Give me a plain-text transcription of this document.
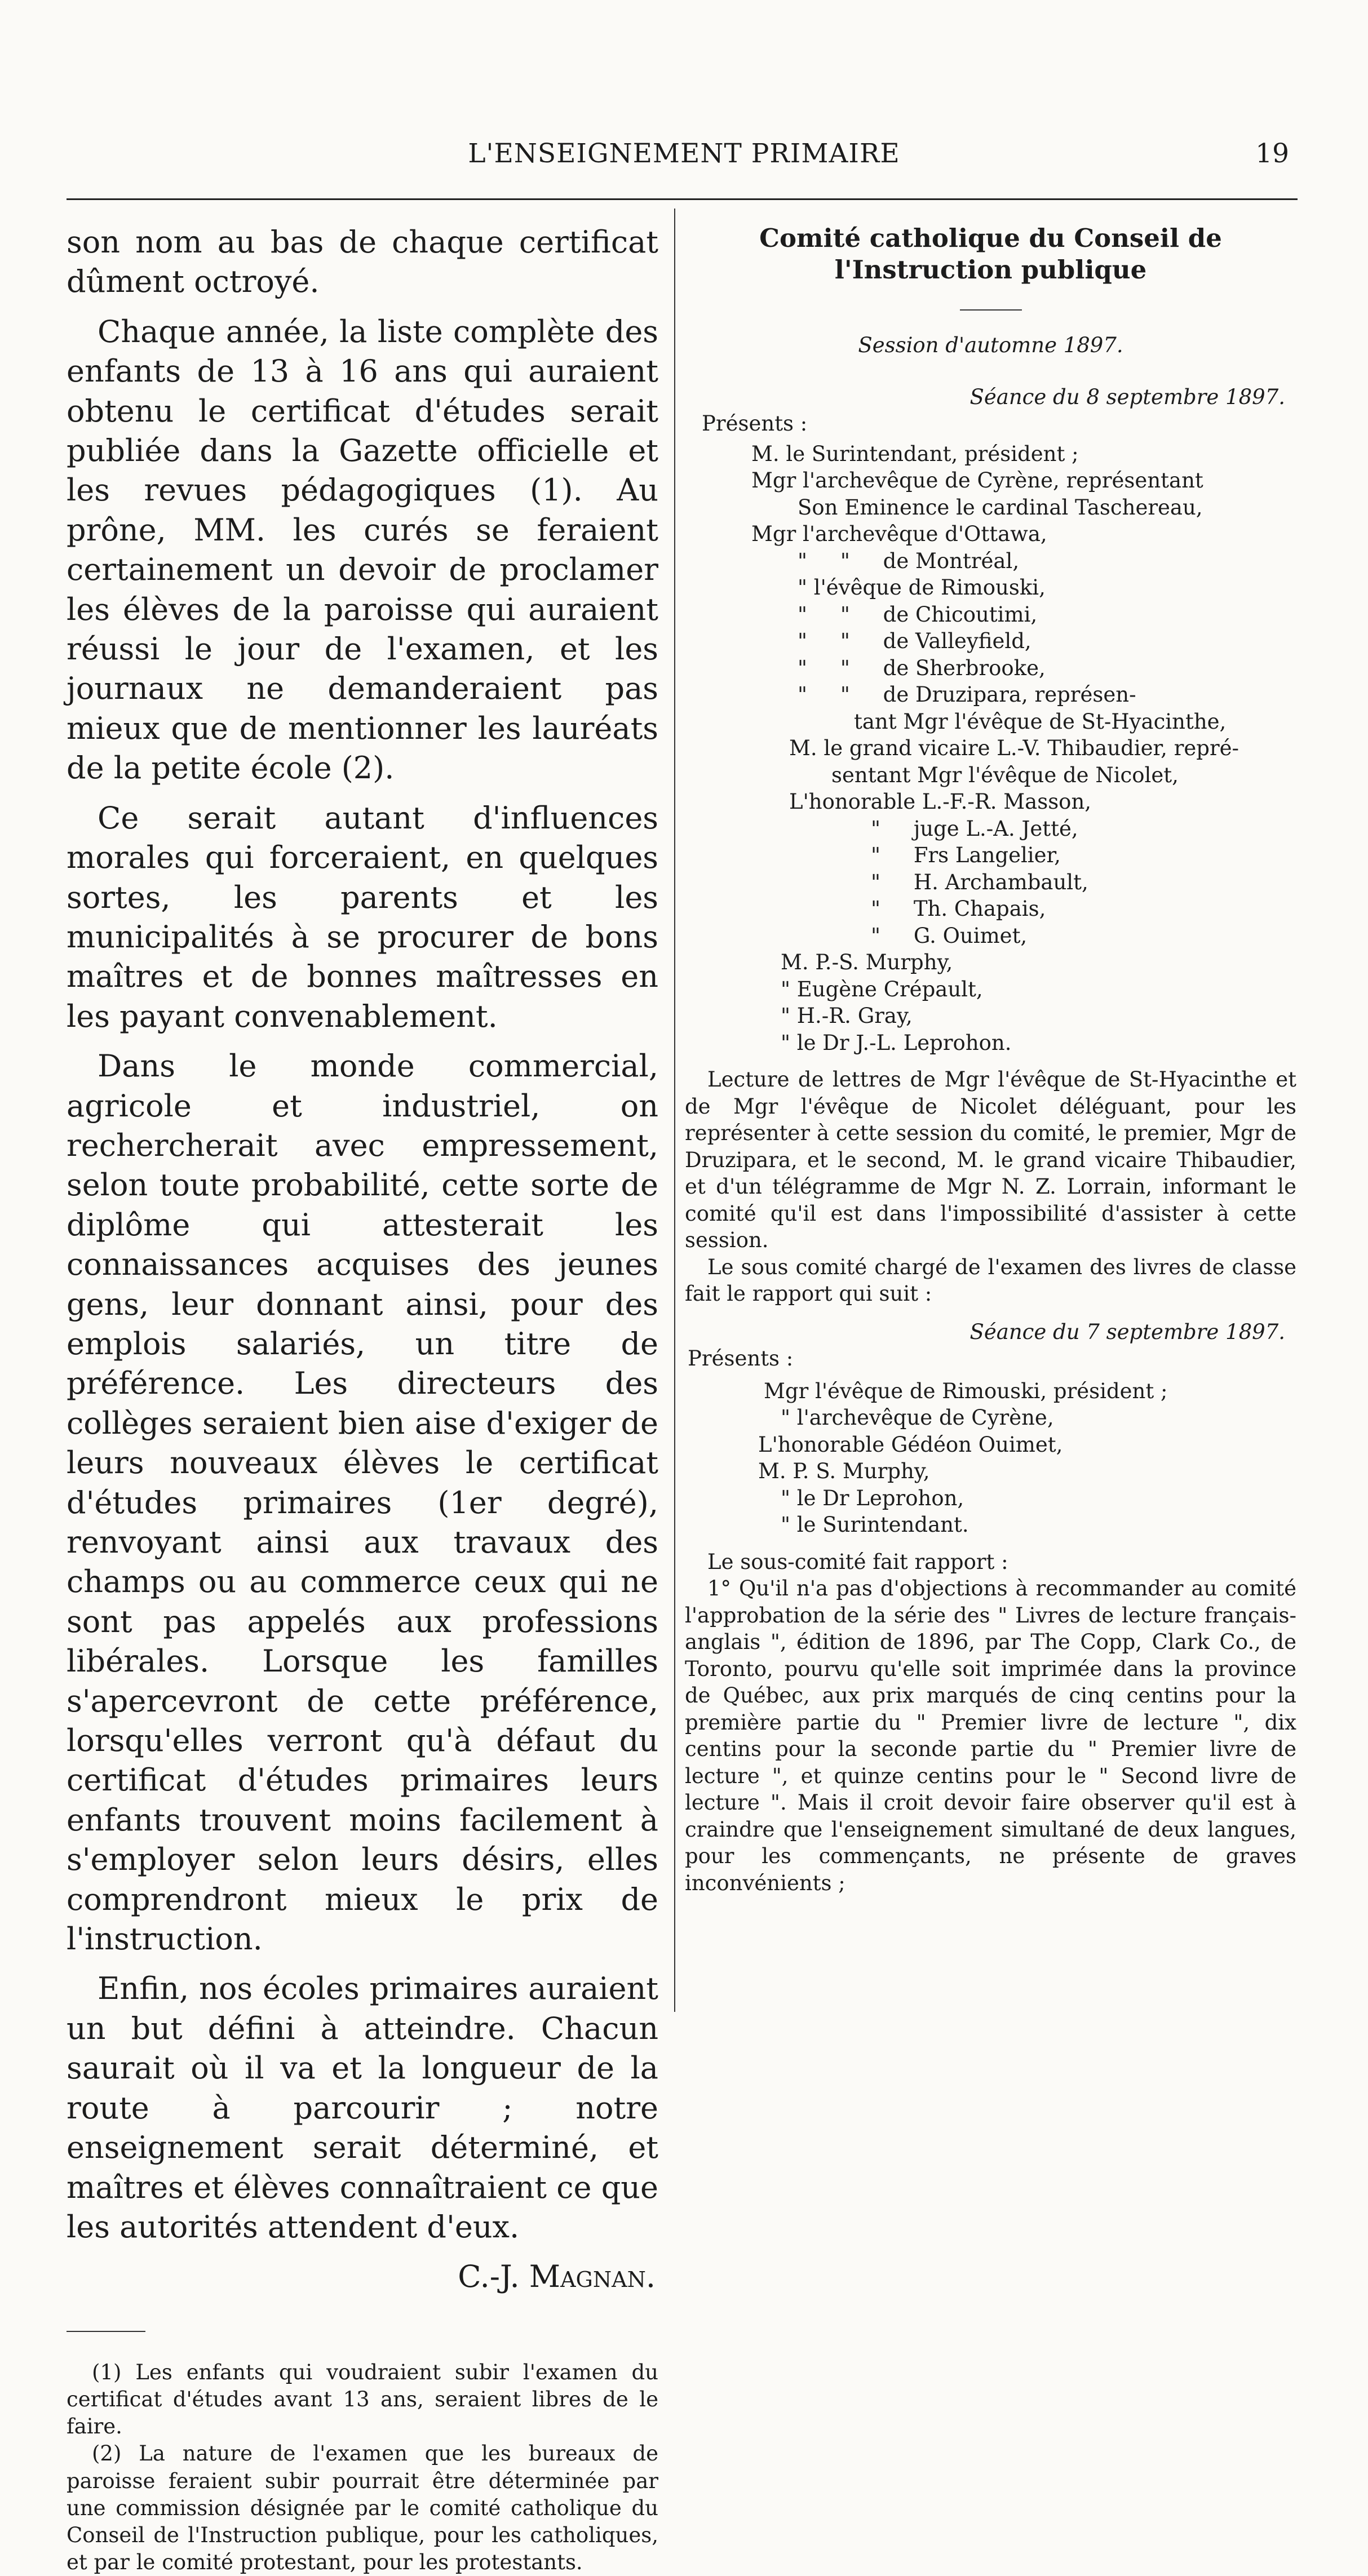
L'ENSEIGNEMENT PRIMAIRE	19

son nom au bas de chaque certificat dûment octroyé.

Chaque année, la liste complète des enfants de 13 à 16 ans qui auraient obtenu le certificat d'études serait publiée dans la Gazette officielle et les revues pédagogiques (1). Au prône, MM. les curés se feraient certainement un devoir de proclamer les élèves de la paroisse qui auraient réussi le jour de l'examen, et les journaux ne demanderaient pas mieux que de mentionner les lauréats de la petite école (2).

Ce serait autant d'influences morales qui forceraient, en quelques sortes, les parents et les municipalités à se procurer de bons maîtres et de bonnes maîtresses en les payant convenablement.

Dans le monde commercial, agricole et industriel, on rechercherait avec empressement, selon toute probabilité, cette sorte de diplôme qui attesterait les connaissances acquises des jeunes gens, leur donnant ainsi, pour des emplois salariés, un titre de préférence. Les directeurs des collèges seraient bien aise d'exiger de leurs nouveaux élèves le certificat d'études primaires (1er degré), renvoyant ainsi aux travaux des champs ou au commerce ceux qui ne sont pas appelés aux professions libérales. Lorsque les familles s'apercevront de cette préférence, lorsqu'elles verront qu'à défaut du certificat d'études primaires leurs enfants trouvent moins facilement à s'employer selon leurs désirs, elles comprendront mieux le prix de l'instruction.

Enfin, nos écoles primaires auraient un but défini à atteindre. Chacun saurait où il va et la longueur de la route à parcourir ; notre enseignement serait déterminé, et maîtres et élèves connaîtraient ce que les autorités attendent d'eux.

C.-J. Magnan.

(1) Les enfants qui voudraient subir l'examen du certificat d'études avant 13 ans, seraient libres de le faire.

(2) La nature de l'examen que les bureaux de paroisse feraient subir pourrait être déterminée par une commission désignée par le comité catholique du Conseil de l'Instruction publique, pour les catholiques, et par le comité protestant, pour les protestants.

Comité catholique du Conseil de
l'Instruction publique
Session d'automne 1897.
Séance du 8 septembre 1897.
Présents :
M. le Surintendant, président ;
Mgr l'archevêque de Cyrène, représentant
Son Eminence le cardinal Taschereau,
Mgr l'archevêque d'Ottawa,
"     "     de Montréal,
" l'évêque de Rimouski,
"     "     de Chicoutimi,
"     "     de Valleyfield,
"     "     de Sherbrooke,
"     "     de Druzipara, représen-
tant Mgr l'évêque de St-Hyacinthe,
M. le grand vicaire L.-V. Thibaudier, repré-
sentant Mgr l'évêque de Nicolet,
L'honorable L.-F.-R. Masson,
"     juge L.-A. Jetté,
"     Frs Langelier,
"     H. Archambault,
"     Th. Chapais,
"     G. Ouimet,
M. P.-S. Murphy,
" Eugène Crépault,
" H.-R. Gray,
" le Dr J.-L. Leprohon.

Lecture de lettres de Mgr l'évêque de St-Hyacinthe et de Mgr l'évêque de Nicolet déléguant, pour les représenter à cette session du comité, le premier, Mgr de Druzipara, et le second, M. le grand vicaire Thibaudier, et d'un télégramme de Mgr N. Z. Lorrain, informant le comité qu'il est dans l'impossibilité d'assister à cette session.

Le sous comité chargé de l'examen des livres de classe fait le rapport qui suit :

Séance du 7 septembre 1897.
Présents :
Mgr l'évêque de Rimouski, président ;
" l'archevêque de Cyrène,
L'honorable Gédéon Ouimet,
M. P. S. Murphy,
" le Dr Leprohon,
" le Surintendant.

Le sous-comité fait rapport :

1° Qu'il n'a pas d'objections à recommander au comité l'approbation de la série des " Livres de lecture français-anglais ", édition de 1896, par The Copp, Clark Co., de Toronto, pourvu qu'elle soit imprimée dans la province de Québec, aux prix marqués de cinq centins pour la première partie du " Premier livre de lecture ", dix centins pour la seconde partie du " Premier livre de lecture ", et quinze centins pour le " Second livre de lecture ". Mais il croit devoir faire observer qu'il est à craindre que l'enseignement simultané de deux langues, pour les commençants, ne présente de graves inconvénients ;
